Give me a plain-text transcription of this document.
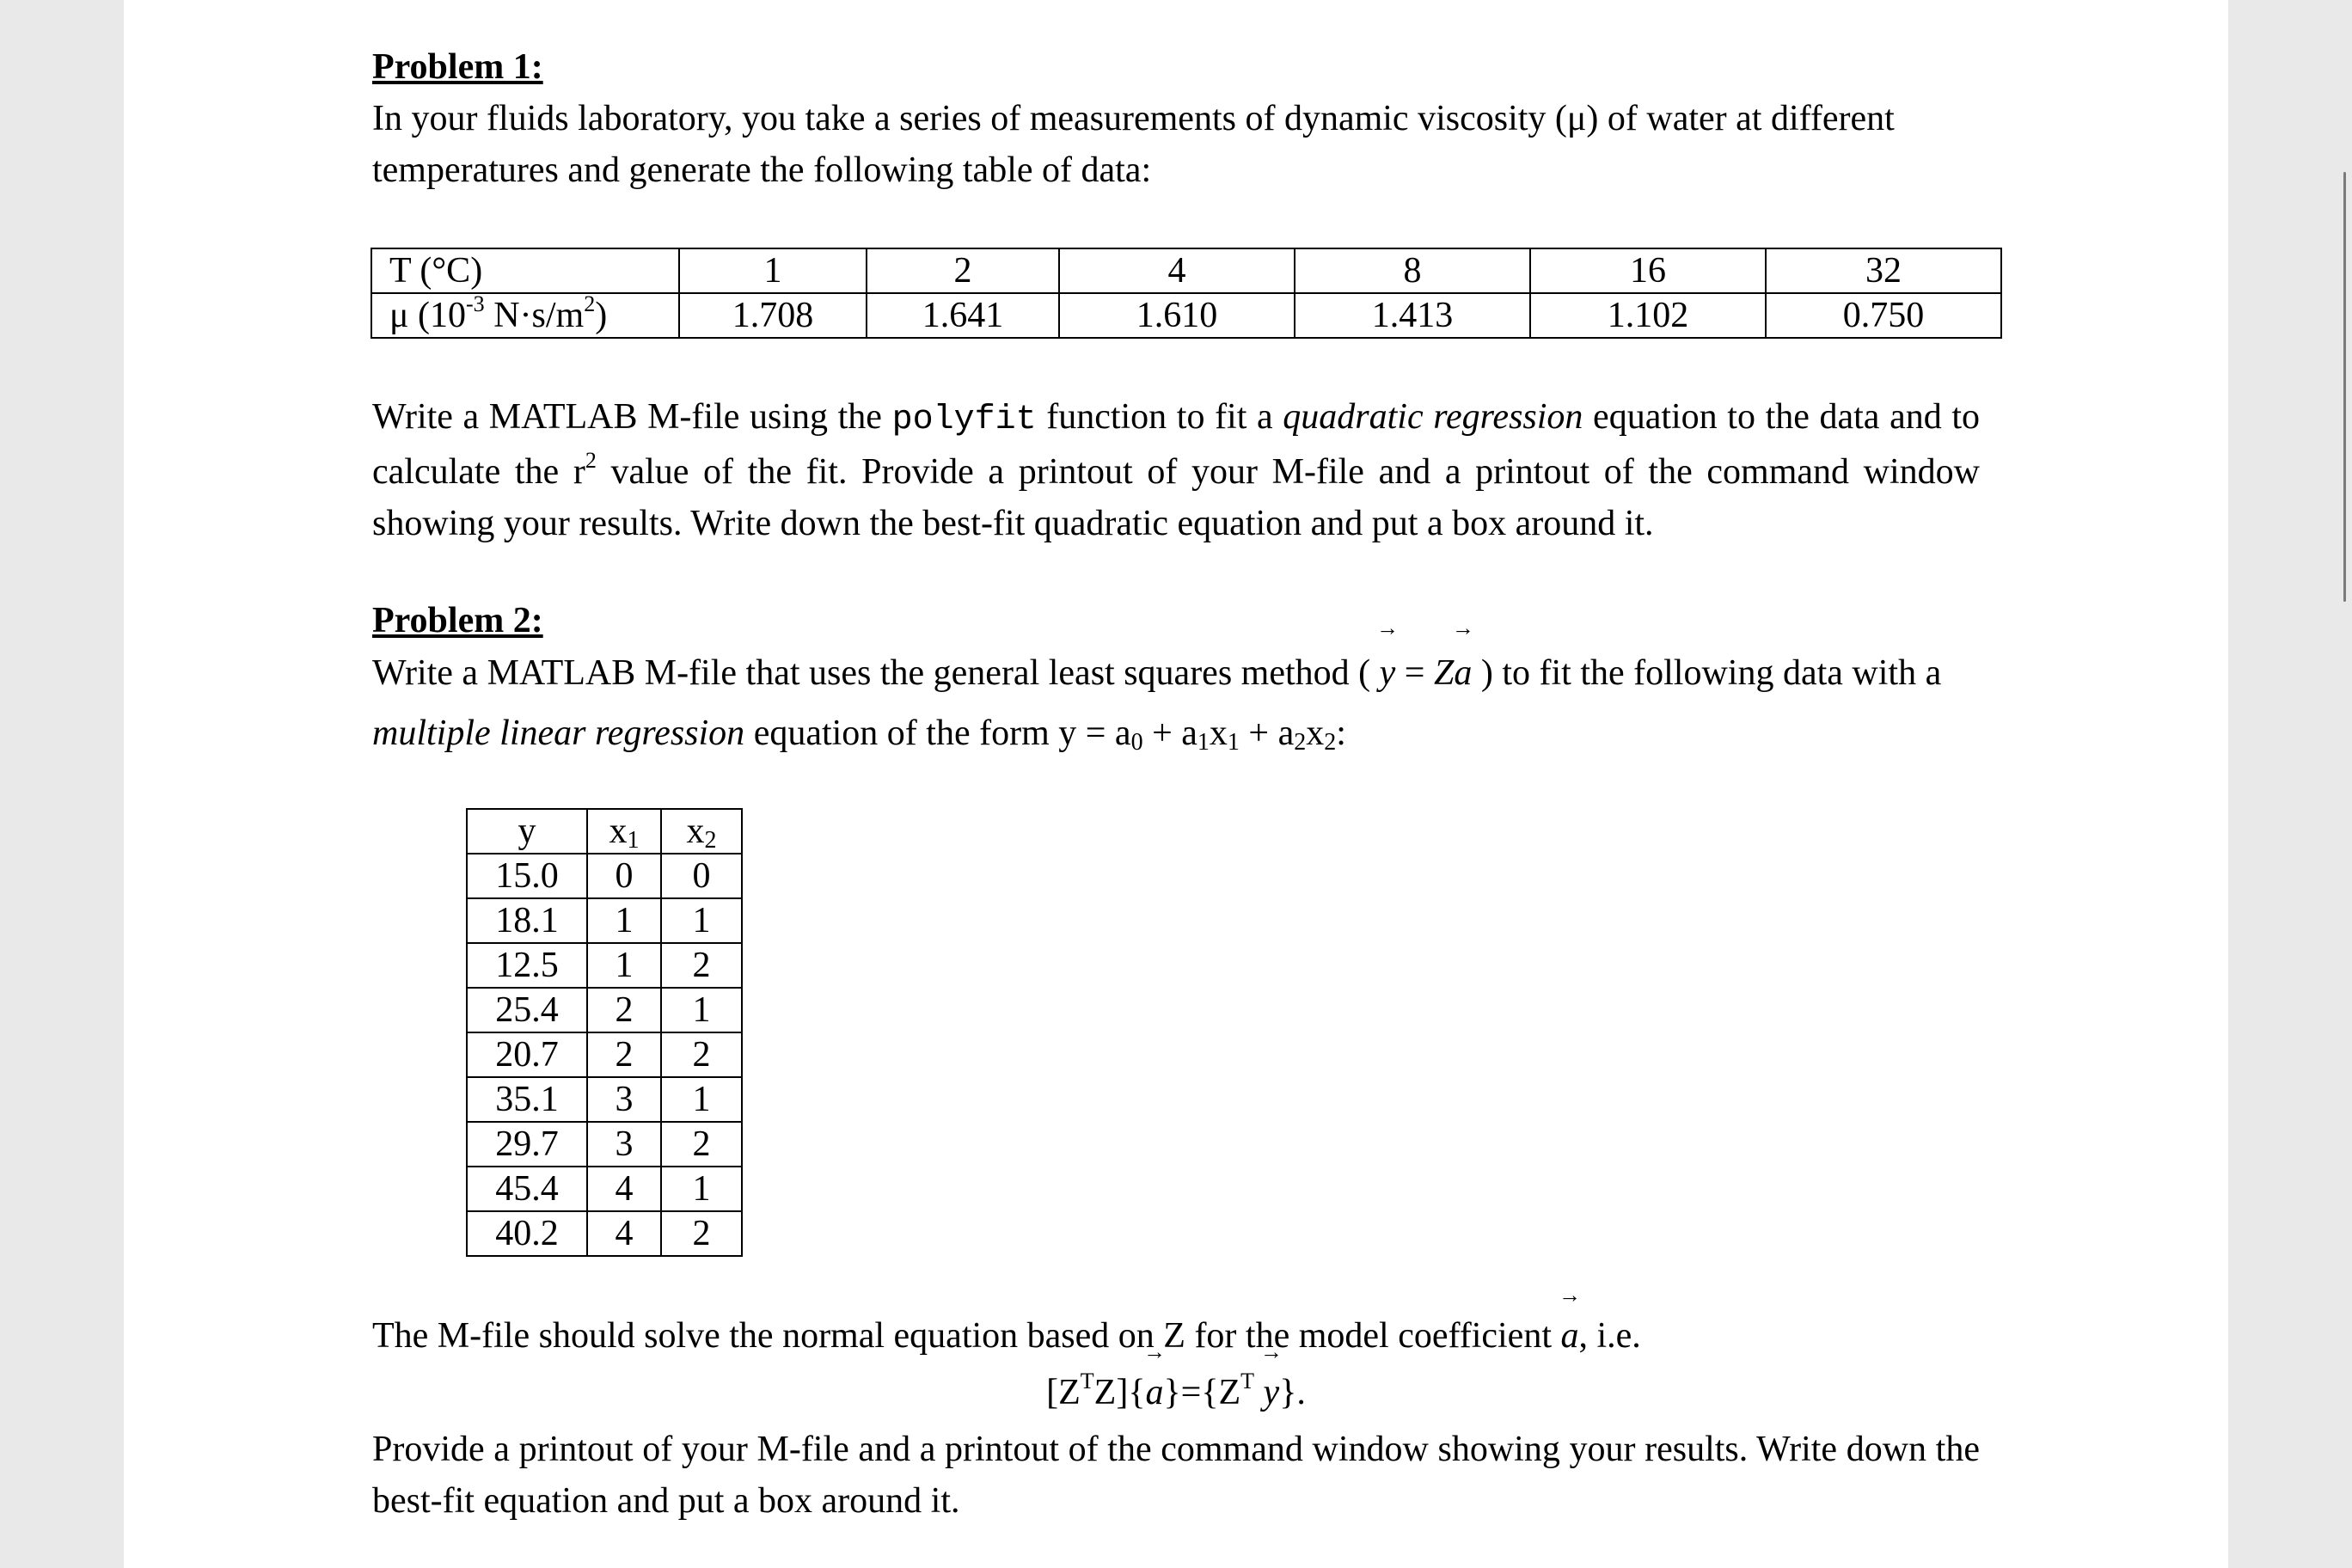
Problem 1:
In your fluids laboratory, you take a series of measurements of dynamic viscosity (μ) of water at different temperatures and generate the following table of data:
T (°C)	1	2	4	8	16	32
μ ($10^{-3}$ $N\cdot s/m^2$)	1.708	1.641	1.610	1.413	1.102	0.750
Write a MATLAB M-file using the polyfit function to fit a quadratic regression equation to the data and to calculate the $r^2$ value of the fit. Provide a printout of your M-file and a printout of the command window showing your results. Write down the best-fit quadratic equation and put a box around it.
Problem 2:
Write a MATLAB M-file that uses the general least squares method ( y → = Za → ) to fit the following data with a multiple linear regression equation of the form $y = a_0 + a_1x_1 + a_2x_2$:
y	$x_1$	$x_2$
15.0	0	0
18.1	1	1
12.5	1	2
25.4	2	1
20.7	2	2
35.1	3	1
29.7	3	2
45.4	4	1
40.2	4	2
The M-file should solve the normal equation based on Z for the model coefficient a →, i.e.
$[Z^TZ]\{a \to\}=\{Z^T$ y →}.
Provide a printout of your M-file and a printout of the command window showing your results. Write down the best-fit equation and put a box around it.
